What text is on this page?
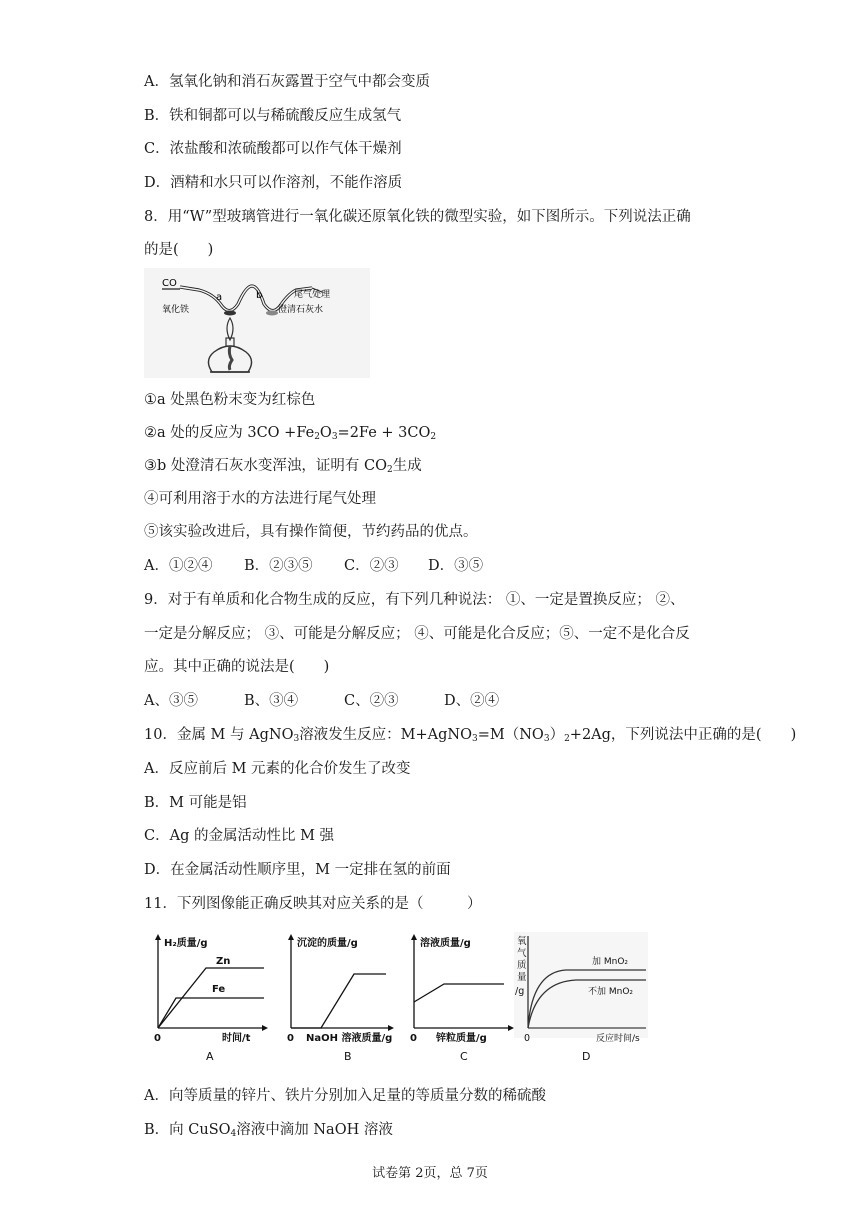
A．氢氧化钠和消石灰露置于空气中都会变质
B．铁和铜都可以与稀硫酸反应生成氢气
C．浓盐酸和浓硫酸都可以作气体干燥剂
D．酒精和水只可以作溶剂，不能作溶质
8．用“W”型玻璃管进行一氧化碳还原氧化铁的微型实验，如下图所示。下列说法正确
的是(　　)
CO
a	b	尾气处理
氧化铁	澄清石灰水
①a 处黑色粉末变为红棕色
②a 处的反应为 $3CO +Fe_2O_3=2Fe + 3CO_2$
③b 处澄清石灰水变浑浊，证明有 $CO_2$生成
④可利用溶于水的方法进行尾气处理
⑤该实验改进后，具有操作简便，节约药品的优点。
A．①②④ B．②③⑤ C．②③ D．③⑤
9．对于有单质和化合物生成的反应，有下列几种说法： ①、一定是置换反应； ②、
一定是分解反应； ③、可能是分解反应； ④、可能是化合反应；⑤、一定不是化合反
应。其中正确的说法是(　　)
A、③⑤	B、③④	C、②③	D、②④
10．金属 M 与 AgNO$_3$溶液发生反应：$M+AgNO_3=M(NO_3)_2+2Ag$，下列说法中正确的是(　　)
A．反应前后 M 元素的化合价发生了改变
B．M 可能是铝
C．Ag 的金属活动性比 M 强
D．在金属活动性顺序里，M 一定排在氢的前面
11．下列图像能正确反映其对应关系的是（　　　）
H₂质量/g
Zn
Fe
0	时间/t
A
沉淀的质量/g
0 NaOH 溶液质量/g
B
溶液质量/g
0 锌粒质量/g
C
氧
气
质
量
/g
加 MnO₂
不加 MnO₂
0	反应时间/s
D
A．向等质量的锌片、铁片分别加入足量的等质量分数的稀硫酸
B．向 CuSO$_4$溶液中滴加 NaOH 溶液
试卷第 2页，总 7页
